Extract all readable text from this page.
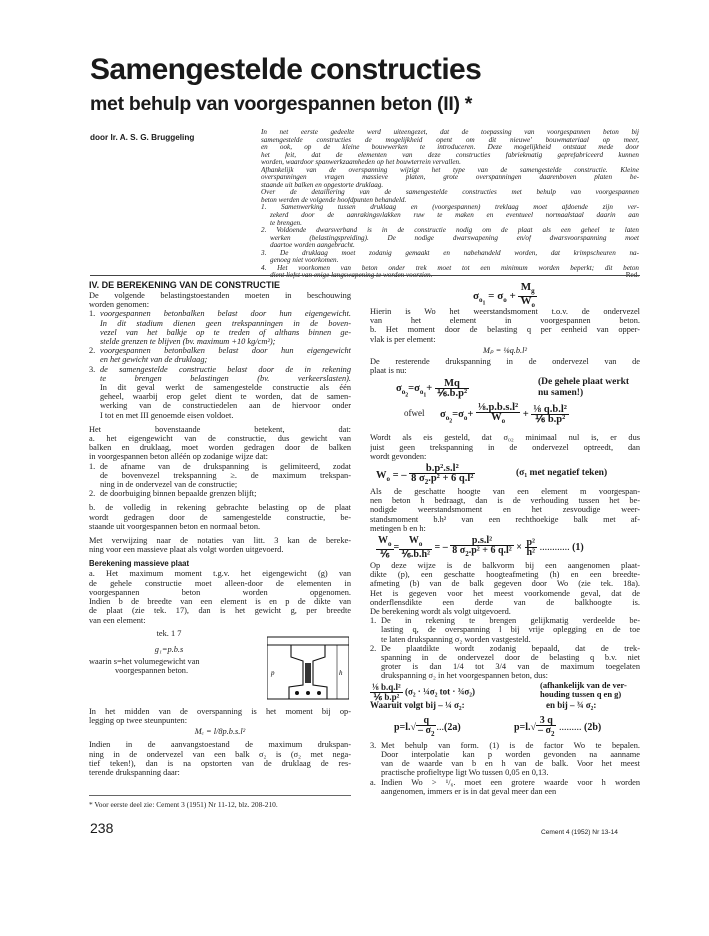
Samengestelde constructies
met behulp van voorgespannen beton (II) *
door Ir. A. S. G. Bruggeling

In net eerste gedeelte werd uiteengezet, dat de toepassing van voorgespannen beton bij

samengestelde constructies de mogelijkheid opent om dit nieuwe' bouwmateriaal op meer,

en ook, op de kleine bouwwerken te introduceren. Deze mogelijkheid ontstaat mede door

het feit, dat de elementen van deze constructies fabriekmatig geprefabriceerd kunnen

worden, waardoor spanwerkzaamheden op het bouwterrein vervallen.

Afhankelijk van de overspanning wijzigt het type van de samengestelde constructie. Kleine

overspanningen vragen massieve platen, grote overspanningen daarenboven platen be-

staande uit balken en opgestorte druklaag.

Over de detaillering van de samengestelde constructies met behulp van voorgespannen

beton werden de volgende hoofdpunten behandeld.

1. Samenwerking tussen druklaag en (voorgespannen) treklaag moet afdoende zijn ver-

zekerd door de aanrakingsvlakken ruw te maken en eventueel normaalstaal daarin aan

te brengen.

2. Voldoende dwarsverband is in de constructie nodig om de plaat als een geheel te laten

werken (belastingspreiding). De nodige dwarswapening en/of dwarsvoorspanning moet

daartoe worden aangebracht.

3. De druklaag moet zodanig gemaakt en nabehandeld worden, dat krimpscheuren na-

genoeg niet voorkomen.

4. Het voorkomen van beton onder trek moet tot een minimum worden beperkt; dit beton

IV. DE BEREKENING VAN DE CONSTRUCTIE
De volgende belastingstoestanden moeten in beschouwing
worden genomen:
1. voorgespannen betonbalken belast door hun eigengewicht.
In dit stadium dienen geen trekspanningen in de boven-
vezel van het balkje op te treden of althans binnen ge-
stelde grenzen te blijven (bv. maximum +10 kg/cm²);
2. voorgespannen betonbalken belast door hun eigengewicht
en het gewicht van de druklaag;
3. de samengestelde constructie belast door de in rekening
te brengen belastingen (bv. verkeerslasten).
In dit geval werkt de samengestelde constructie als één
geheel, waarbij erop gelet dient te worden, dat de samen-
werking van de constructiedelen aan de hiervoor onder
I tot en met III genoemde eisen voldoet.
Het bovenstaande betekent, dat:
a. het eigengewicht van de constructie, dus gewicht van
balken en druklaag, moet worden gedragen door de balken
in voorgespannen beton alléén op zodanige wijze dat:
1. de afname van de drukspanning is gelimiteerd, zodat
de bovenvezel trekspanning ≥. de maximum trekspan-
ning in de ondervezel van de constructie;
2. de doorbuiging binnen bepaalde grenzen blijft;
b. de volledig in rekening gebrachte belasting op de plaat
wordt gedragen door de samengestelde constructie, be-
staande uit voorgespannen beton en normaal beton.
Met verwijzing naar de notaties van litt. 3 kan de bereke-
ning voor een massieve plaat als volgt worden uitgevoerd.
Berekening massieve plaat
a. Het maximum moment t.g.v. het eigengewicht (g) van
de gehele constructie moet alleen-door de elementen in
voorgespannen beton worden opgenomen.
Indien b de breedte van een element is en p de dikte van
de plaat (zie tek. 17), dan is het gewicht g, per breedte
van een element:
tek. 1 7
g₁=p.b.s
waarin s=het volumegewicht van
voorgespannen beton.	h
p
In het midden van de overspanning is het moment bij op-
legging op twee steunpunten:
Mₑ = l/8p.b.s.l²
Indien in de aanvangstoestand de maximum drukspan-
ning in de ondervezel van een balk σ₂ is (σ₂ met nega-
tief teken!), dan is na opstorten van de druklaag de res-
terende drukspanning daar:
$\sigma_{o_1} = \sigma_o + \frac{M_g}{W_o}$
Hierin is Wo het weerstandsmoment t.o.v. de ondervezel
van het element in voorgespannen beton.
b. Het moment door de belasting q per eenheid van opper-
vlak is per element:
Mₚ = ⅛q.b.l²
De resterende drukspanning in de ondervezel van de
plaat is nu:
$\sigma_{o_2}=\sigma_{o_1}+ \frac{Mq}{\text{⅙.b.p²}}$	(De gehele plaat werkt nu samen!)
ofwel $\sigma_{o_2}=\sigma_o+ \frac{\text{⅛.p.b.s.l²}}{W_o} + \frac{\text{⅛ q.b.l²}}{\text{⅙ b.p²}}$
Wordt als eis gesteld, dat σ₀₂ minimaal nul is, er dus
juist geen trekspanning in de ondervezel optreedt, dan
wordt gevonden:
$W_o$ = – $\frac{\text{b.p².s.l²}}{8 \sigma_2.p^2 + 6 q.l^2}$	(σ₁ met negatief teken)
Als de geschatte hoogte van een element m voorgespan-
nen beton h bedraagt, dan is de verhouding tussen het be-
nodigde weerstandsmoment en het zesvoudige weer-
standsmoment b.h² van een rechthoekige balk met af-
metingen b en h:
$\frac{W_o}{\text{⅙}} = \frac{W_o}{\text{⅙.b.h²}}$ = – $\frac{\text{p.s.l²}}{8 \sigma_2.p^2 + 6 q.l^2} \times \frac{\text{p²}}{\text{h²}}$ ............ (1)
Op deze wijze is de balkvorm bij een aangenomen plaat-
dikte (p), een geschatte hoogteafmeting (h) en een breedte-
afmeting (b) van de balk gegeven door Wo (zie tek. 18a).
Het is gegeven voor het meest voorkomende geval, dat de
onderflensdikte een derde van de balkhoogte is.
De berekening wordt als volgt uitgevoerd.
1. De in rekening te brengen gelijkmatig verdeelde be-
lasting q, de overspanning l bij vrije oplegging en de toe
te laten drukspanning σ₂ worden vastgesteld.
2. De plaatdikte wordt zodanig bepaald, dat de trek-
spanning in de ondervezel door de belasting q b.v. niet
groter is dan 1/4 tot 3/4 van de maximum toegelaten
drukspanning σ₂ in het voorgespannen beton, dus:
$\frac{\text{⅛ b.q.l²}}{\text{⅙ b.p²}} (\sigma_2$ · ¼σ₂ tot · ¾σ₂)
(afhankelijk van de ver- houding tussen q en g)
Waaruit volgt bij – ¼ σ₂:	en bij – ¾ σ₂:
$p=l.√ \frac{q}{- \sigma_2} ...(2a)$	$p=l.√ \frac{3 q}{- \sigma_2}$ ......... (2b)
3. Met behulp van form. (1) is de factor Wo te bepalen.
Door interpolatie kan p worden gevonden na aanname
van de waarde van b en h van de balk. Voor het meest
practische profieltype ligt Wo tussen 0,05 en 0,13.
a. Indien Wo > ¹/₆. moet een grotere waarde voor h worden
aangenomen, immers er is in dat geval meer dan een
* Voor eerste deel zie: Cement 3 (1951) Nr 11-12, blz. 208-210.
238	Cement 4 (1952) Nr 13-14
